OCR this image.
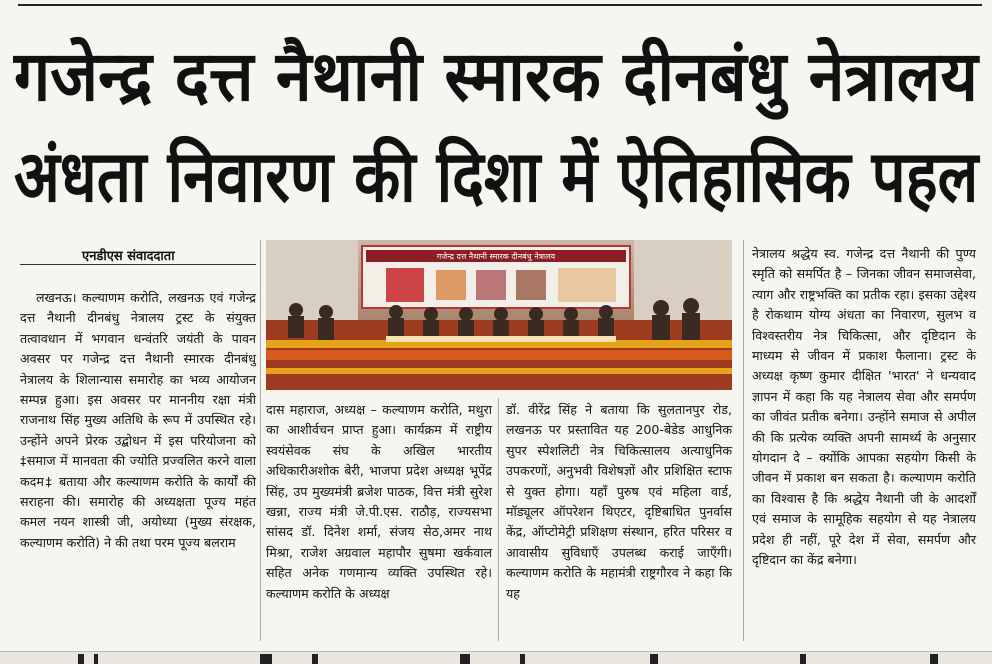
गजेन्द्र दत्त नैथानी स्मारक दीनबंधु नेत्रालय
अंधता निवारण की दिशा में ऐतिहासिक पहल
एनडीएस संवाददाता	गजेन्द्र दत्त नैथानी स्मारक दीनबंधु नेत्रालय
लखनऊ। कल्याणम करोति, लखनऊ एवं गजेन्द्र दत्त नैथानी दीनबंधु नेत्रालय ट्रस्ट के संयुक्त तत्वावधान में भगवान धन्वंतरि जयंती के पावन अवसर पर गजेन्द्र दत्त नैथानी स्मारक दीनबंधु नेत्रालय के शिलान्यास समारोह का भव्य आयोजन सम्पन्न हुआ। इस अवसर पर माननीय रक्षा मंत्री राजनाथ सिंह मुख्य अतिथि के रूप में उपस्थित रहे। उन्होंने अपने प्रेरक उद्बोधन में इस परियोजना को ‡समाज में मानवता की ज्योति प्रज्वलित करने वाला कदम‡ बताया और कल्याणम करोति के कार्यों की सराहना की। समारोह की अध्यक्षता पूज्य महंत कमल नयन शास्त्री जी, अयोध्या (मुख्य संरक्षक, कल्याणम करोति) ने की तथा परम पूज्य बलराम
दास महाराज, अध्यक्ष – कल्याणम करोति, मथुरा का आशीर्वचन प्राप्त हुआ। कार्यक्रम में राष्ट्रीय स्वयंसेवक संघ के अखिल भारतीय अधिकारीअशोक बेरी, भाजपा प्रदेश अध्यक्ष भूपेंद्र सिंह, उप मुख्यमंत्री ब्रजेश पाठक, वित्त मंत्री सुरेश खन्ना, राज्य मंत्री जे.पी.एस. राठौड़, राज्यसभा सांसद डॉ. दिनेश शर्मा, संजय सेठ,अमर नाथ मिश्रा, राजेश अग्रवाल महापौर सुषमा खर्कवाल सहित अनेक गणमान्य व्यक्ति उपस्थित रहे। कल्याणम करोति के अध्यक्ष
डॉ. वीरेंद्र सिंह ने बताया कि सुलतानपुर रोड, लखनऊ पर प्रस्तावित यह 200-बेडेड आधुनिक सुपर स्पेशलिटी नेत्र चिकित्सालय अत्याधुनिक उपकरणों, अनुभवी विशेषज्ञों और प्रशिक्षित स्टाफ से युक्त होगा। यहाँ पुरुष एवं महिला वार्ड, मॉड्यूलर ऑपरेशन थिएटर, दृष्टिबाधित पुनर्वास केंद्र, ऑप्टोमेट्री प्रशिक्षण संस्थान, हरित परिसर व आवासीय सुविधाएँ उपलब्ध कराई जाएँगी। कल्याणम करोति के महामंत्री राष्ट्रगौरव ने कहा कि यह
नेत्रालय श्रद्धेय स्व. गजेन्द्र दत्त नैथानी की पुण्य स्मृति को समर्पित है – जिनका जीवन समाजसेवा, त्याग और राष्ट्रभक्ति का प्रतीक रहा। इसका उद्देश्य है रोकथाम योग्य अंधता का निवारण, सुलभ व विश्वस्तरीय नेत्र चिकित्सा, और दृष्टिदान के माध्यम से जीवन में प्रकाश फैलाना। ट्रस्ट के अध्यक्ष कृष्ण कुमार दीक्षित 'भारत' ने धन्यवाद ज्ञापन में कहा कि यह नेत्रालय सेवा और समर्पण का जीवंत प्रतीक बनेगा। उन्होंने समाज से अपील की कि प्रत्येक व्यक्ति अपनी सामर्थ्य के अनुसार योगदान दे – क्योंकि आपका सहयोग किसी के जीवन में प्रकाश बन सकता है। कल्याणम करोति का विश्वास है कि श्रद्धेय नैथानी जी के आदर्शों एवं समाज के सामूहिक सहयोग से यह नेत्रालय प्रदेश ही नहीं, पूरे देश में सेवा, समर्पण और दृष्टिदान का केंद्र बनेगा।
